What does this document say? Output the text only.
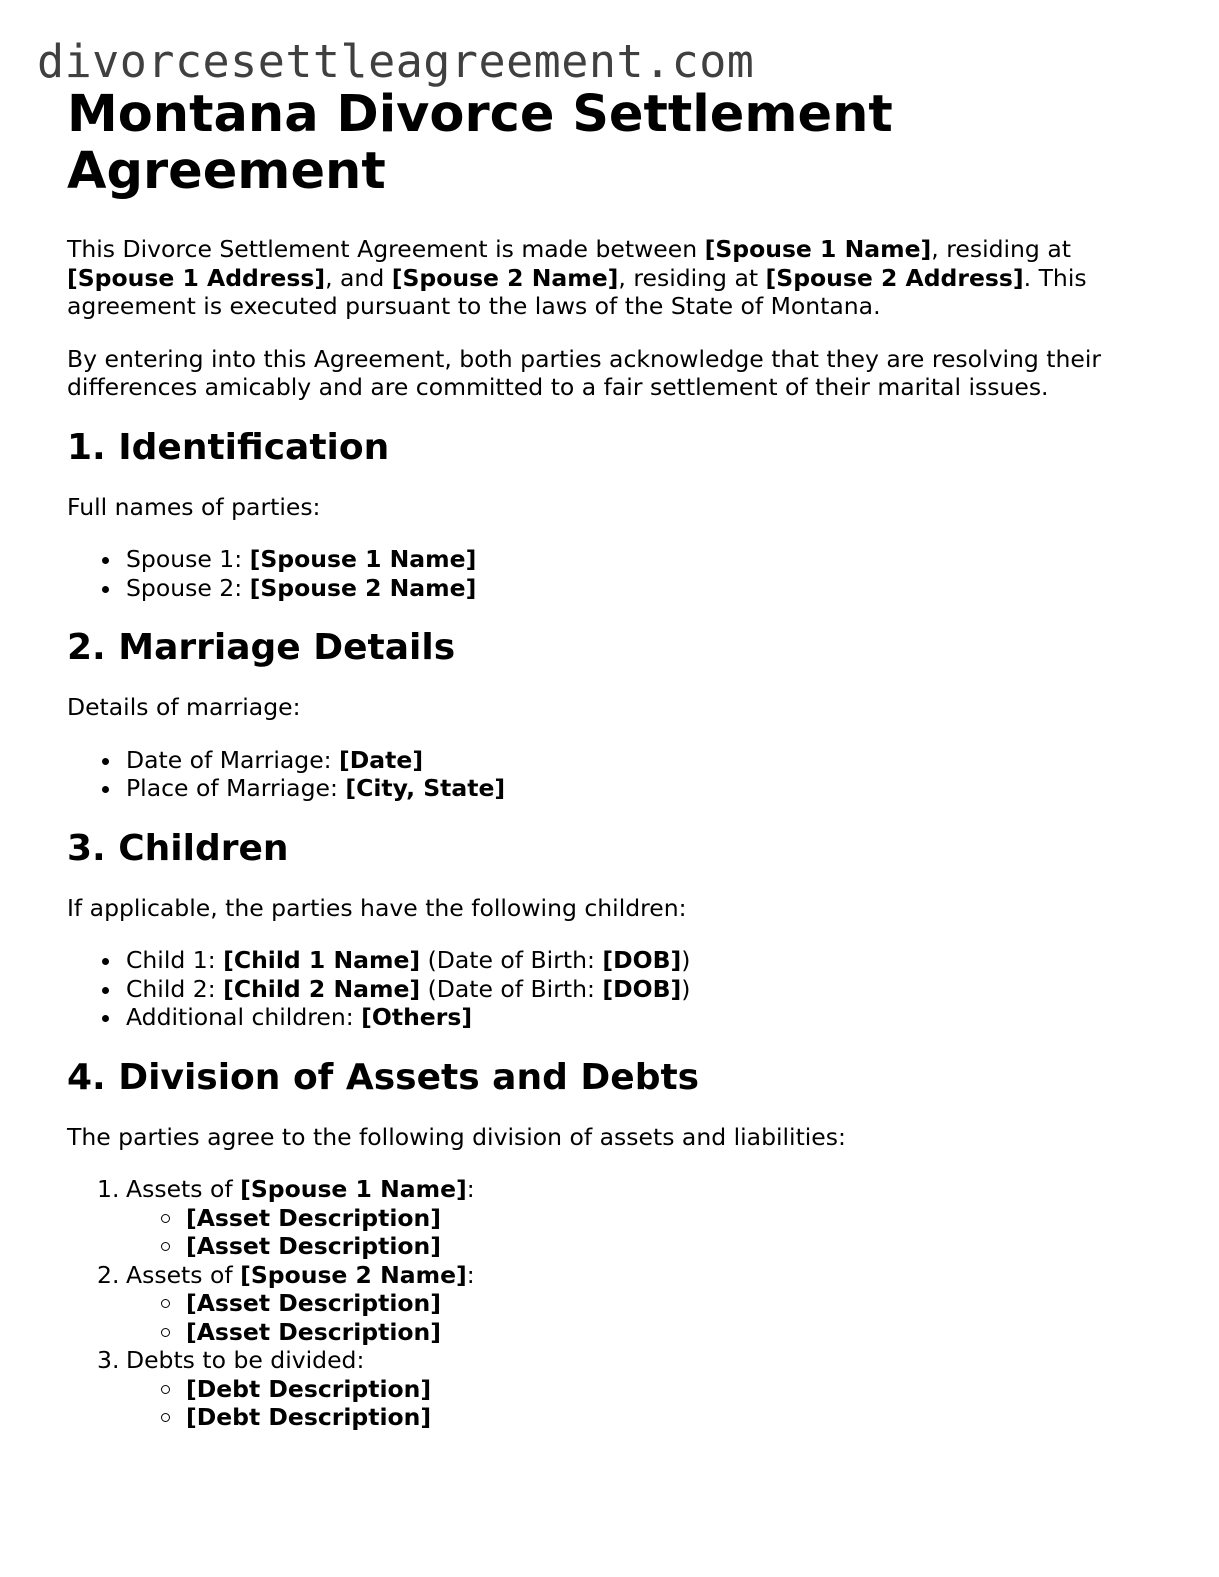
divorcesettleagreement.com
Montana Divorce Settlement Agreement

This Divorce Settlement Agreement is made between [Spouse 1 Name], residing at [Spouse 1 Address], and [Spouse 2 Name], residing at [Spouse 2 Address]. This agreement is executed pursuant to the laws of the State of Montana.

By entering into this Agreement, both parties acknowledge that they are resolving their differences amicably and are committed to a fair settlement of their marital issues.

1. Identification

Full names of parties:

Spouse 1: [Spouse 1 Name]
Spouse 2: [Spouse 2 Name]
2. Marriage Details

Details of marriage:

Date of Marriage: [Date]
Place of Marriage: [City, State]
3. Children

If applicable, the parties have the following children:

Child 1: [Child 1 Name] (Date of Birth: [DOB])
Child 2: [Child 2 Name] (Date of Birth: [DOB])
Additional children: [Others]
4. Division of Assets and Debts

The parties agree to the following division of assets and liabilities:

1. Assets of [Spouse 1 Name]:
[Asset Description]
[Asset Description]
2. Assets of [Spouse 2 Name]:
[Asset Description]
[Asset Description]
3. Debts to be divided:
[Debt Description]
[Debt Description]
